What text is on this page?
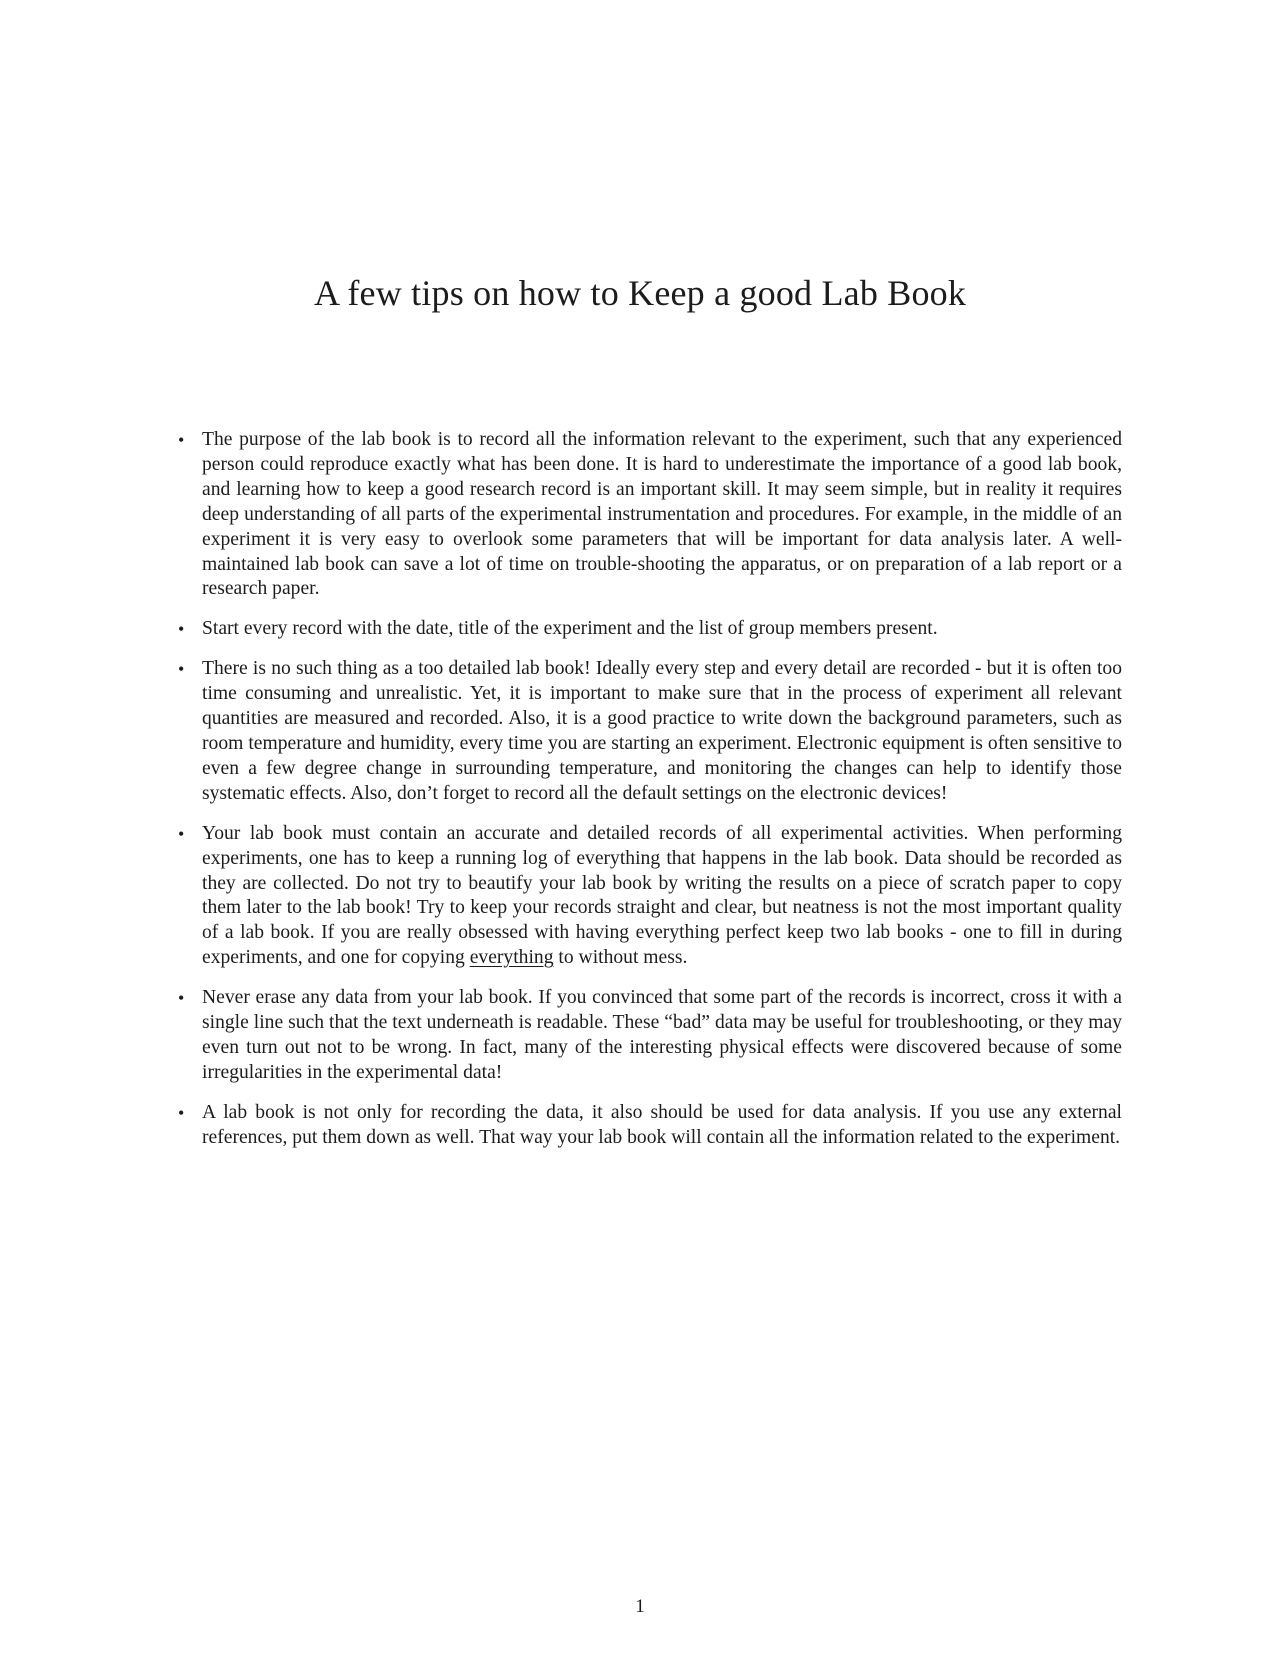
A few tips on how to Keep a good Lab Book
• The purpose of the lab book is to record all the information relevant to the experiment, such that any experienced person could reproduce exactly what has been done. It is hard to underestimate the importance of a good lab book, and learning how to keep a good research record is an important skill. It may seem simple, but in reality it requires deep understanding of all parts of the experimental instrumentation and procedures. For example, in the middle of an experiment it is very easy to overlook some parameters that will be important for data analysis later. A well-maintained lab book can save a lot of time on trouble-shooting the apparatus, or on preparation of a lab report or a research paper.
• Start every record with the date, title of the experiment and the list of group members present.
• There is no such thing as a too detailed lab book! Ideally every step and every detail are recorded - but it is often too time consuming and unrealistic. Yet, it is important to make sure that in the process of experiment all relevant quantities are measured and recorded. Also, it is a good practice to write down the background parameters, such as room temperature and humidity, every time you are starting an experiment. Electronic equipment is often sensitive to even a few degree change in surrounding temperature, and monitoring the changes can help to identify those systematic effects. Also, don’t forget to record all the default settings on the electronic devices!
• Your lab book must contain an accurate and detailed records of all experimental activities. When performing experiments, one has to keep a running log of everything that happens in the lab book. Data should be recorded as they are collected. Do not try to beautify your lab book by writing the results on a piece of scratch paper to copy them later to the lab book! Try to keep your records straight and clear, but neatness is not the most important quality of a lab book. If you are really obsessed with having everything perfect keep two lab books - one to fill in during experiments, and one for copying everything to without mess.
• Never erase any data from your lab book. If you convinced that some part of the records is incorrect, cross it with a single line such that the text underneath is readable. These “bad” data may be useful for troubleshooting, or they may even turn out not to be wrong. In fact, many of the interesting physical effects were discovered because of some irregularities in the experimental data!
• A lab book is not only for recording the data, it also should be used for data analysis. If you use any external references, put them down as well. That way your lab book will contain all the information related to the experiment.
1
